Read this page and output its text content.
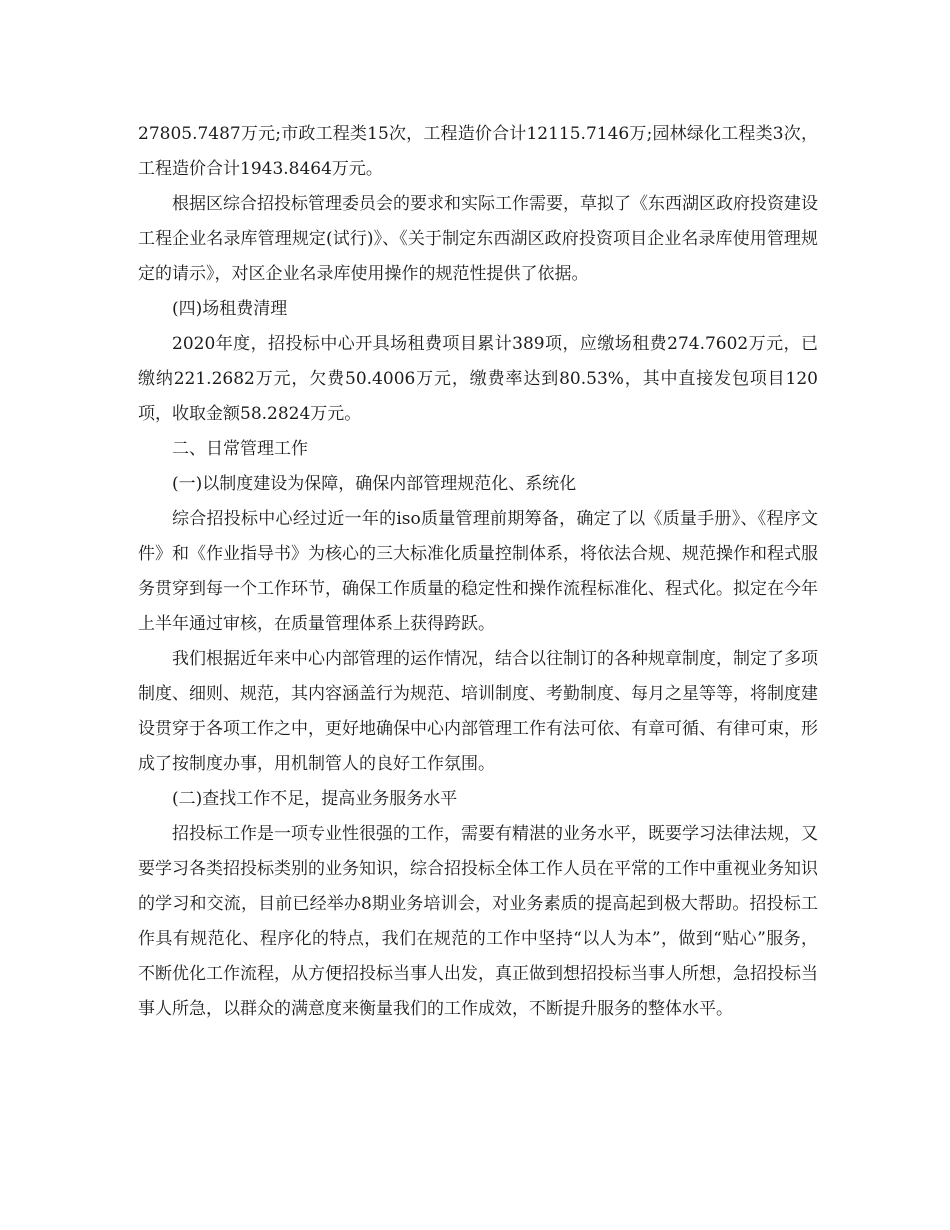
27805.7487万元;市政工程类15次，工程造价合计12115.7146万;园林绿化工程类3次，工程造价合计1943.8464万元。

根据区综合招投标管理委员会的要求和实际工作需要，草拟了《东西湖区政府投资建设工程企业名录库管理规定(试行)》、《关于制定东西湖区政府投资项目企业名录库使用管理规定的请示》，对区企业名录库使用操作的规范性提供了依据。

(四)场租费清理

2020年度，招投标中心开具场租费项目累计389项，应缴场租费274.7602万元，已缴纳221.2682万元，欠费50.4006万元，缴费率达到80.53%，其中直接发包项目120项，收取金额58.2824万元。

二、日常管理工作

(一)以制度建设为保障，确保内部管理规范化、系统化

综合招投标中心经过近一年的iso质量管理前期筹备，确定了以《质量手册》、《程序文件》和《作业指导书》为核心的三大标准化质量控制体系，将依法合规、规范操作和程式服务贯穿到每一个工作环节，确保工作质量的稳定性和操作流程标准化、程式化。拟定在今年上半年通过审核，在质量管理体系上获得跨跃。

我们根据近年来中心内部管理的运作情况，结合以往制订的各种规章制度，制定了多项制度、细则、规范，其内容涵盖行为规范、培训制度、考勤制度、每月之星等等，将制度建设贯穿于各项工作之中，更好地确保中心内部管理工作有法可依、有章可循、有律可束，形成了按制度办事，用机制管人的良好工作氛围。

(二)查找工作不足，提高业务服务水平

招投标工作是一项专业性很强的工作，需要有精湛的业务水平，既要学习法律法规，又要学习各类招投标类别的业务知识，综合招投标全体工作人员在平常的工作中重视业务知识的学习和交流，目前已经举办8期业务培训会，对业务素质的提高起到极大帮助。招投标工作具有规范化、程序化的特点，我们在规范的工作中坚持“以人为本”，做到“贴心”服务，不断优化工作流程，从方便招投标当事人出发，真正做到想招投标当事人所想，急招投标当事人所急，以群众的满意度来衡量我们的工作成效，不断提升服务的整体水平。
